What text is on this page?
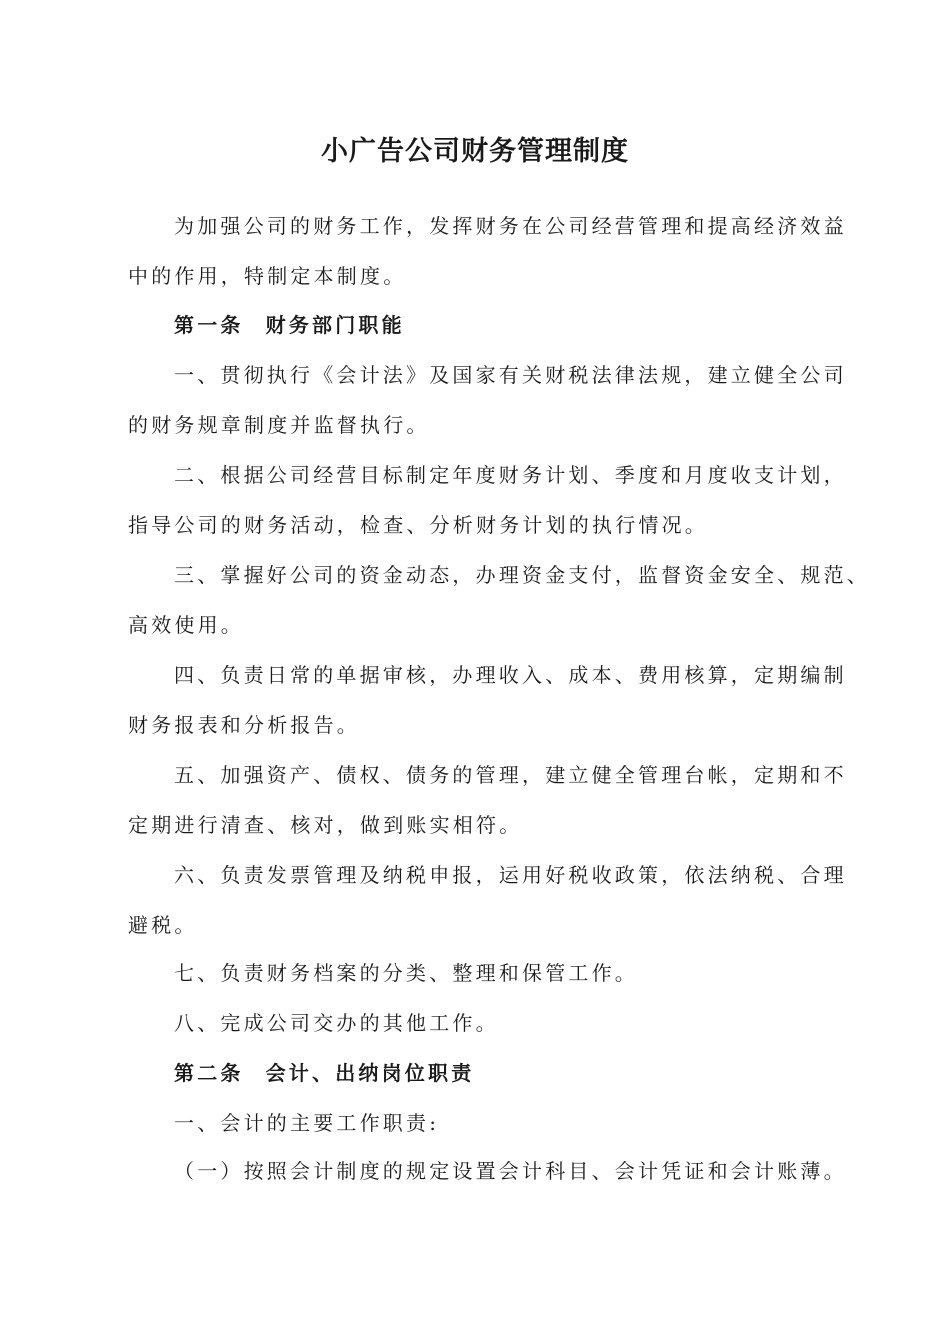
小广告公司财务管理制度
为加强公司的财务工作，发挥财务在公司经营管理和提高经济效益
中的作用，特制定本制度。
第一条 财务部门职能
一、贯彻执行《会计法》及国家有关财税法律法规，建立健全公司
的财务规章制度并监督执行。
二、根据公司经营目标制定年度财务计划、季度和月度收支计划，
指导公司的财务活动，检查、分析财务计划的执行情况。
三、掌握好公司的资金动态，办理资金支付，监督资金安全、规范、
高效使用。
四、负责日常的单据审核，办理收入、成本、费用核算，定期编制
财务报表和分析报告。
五、加强资产、债权、债务的管理，建立健全管理台帐，定期和不
定期进行清查、核对，做到账实相符。
六、负责发票管理及纳税申报，运用好税收政策，依法纳税、合理
避税。
七、负责财务档案的分类、整理和保管工作。
八、完成公司交办的其他工作。
第二条 会计、出纳岗位职责
一、会计的主要工作职责:
（一）按照会计制度的规定设置会计科目、会计凭证和会计账薄。
